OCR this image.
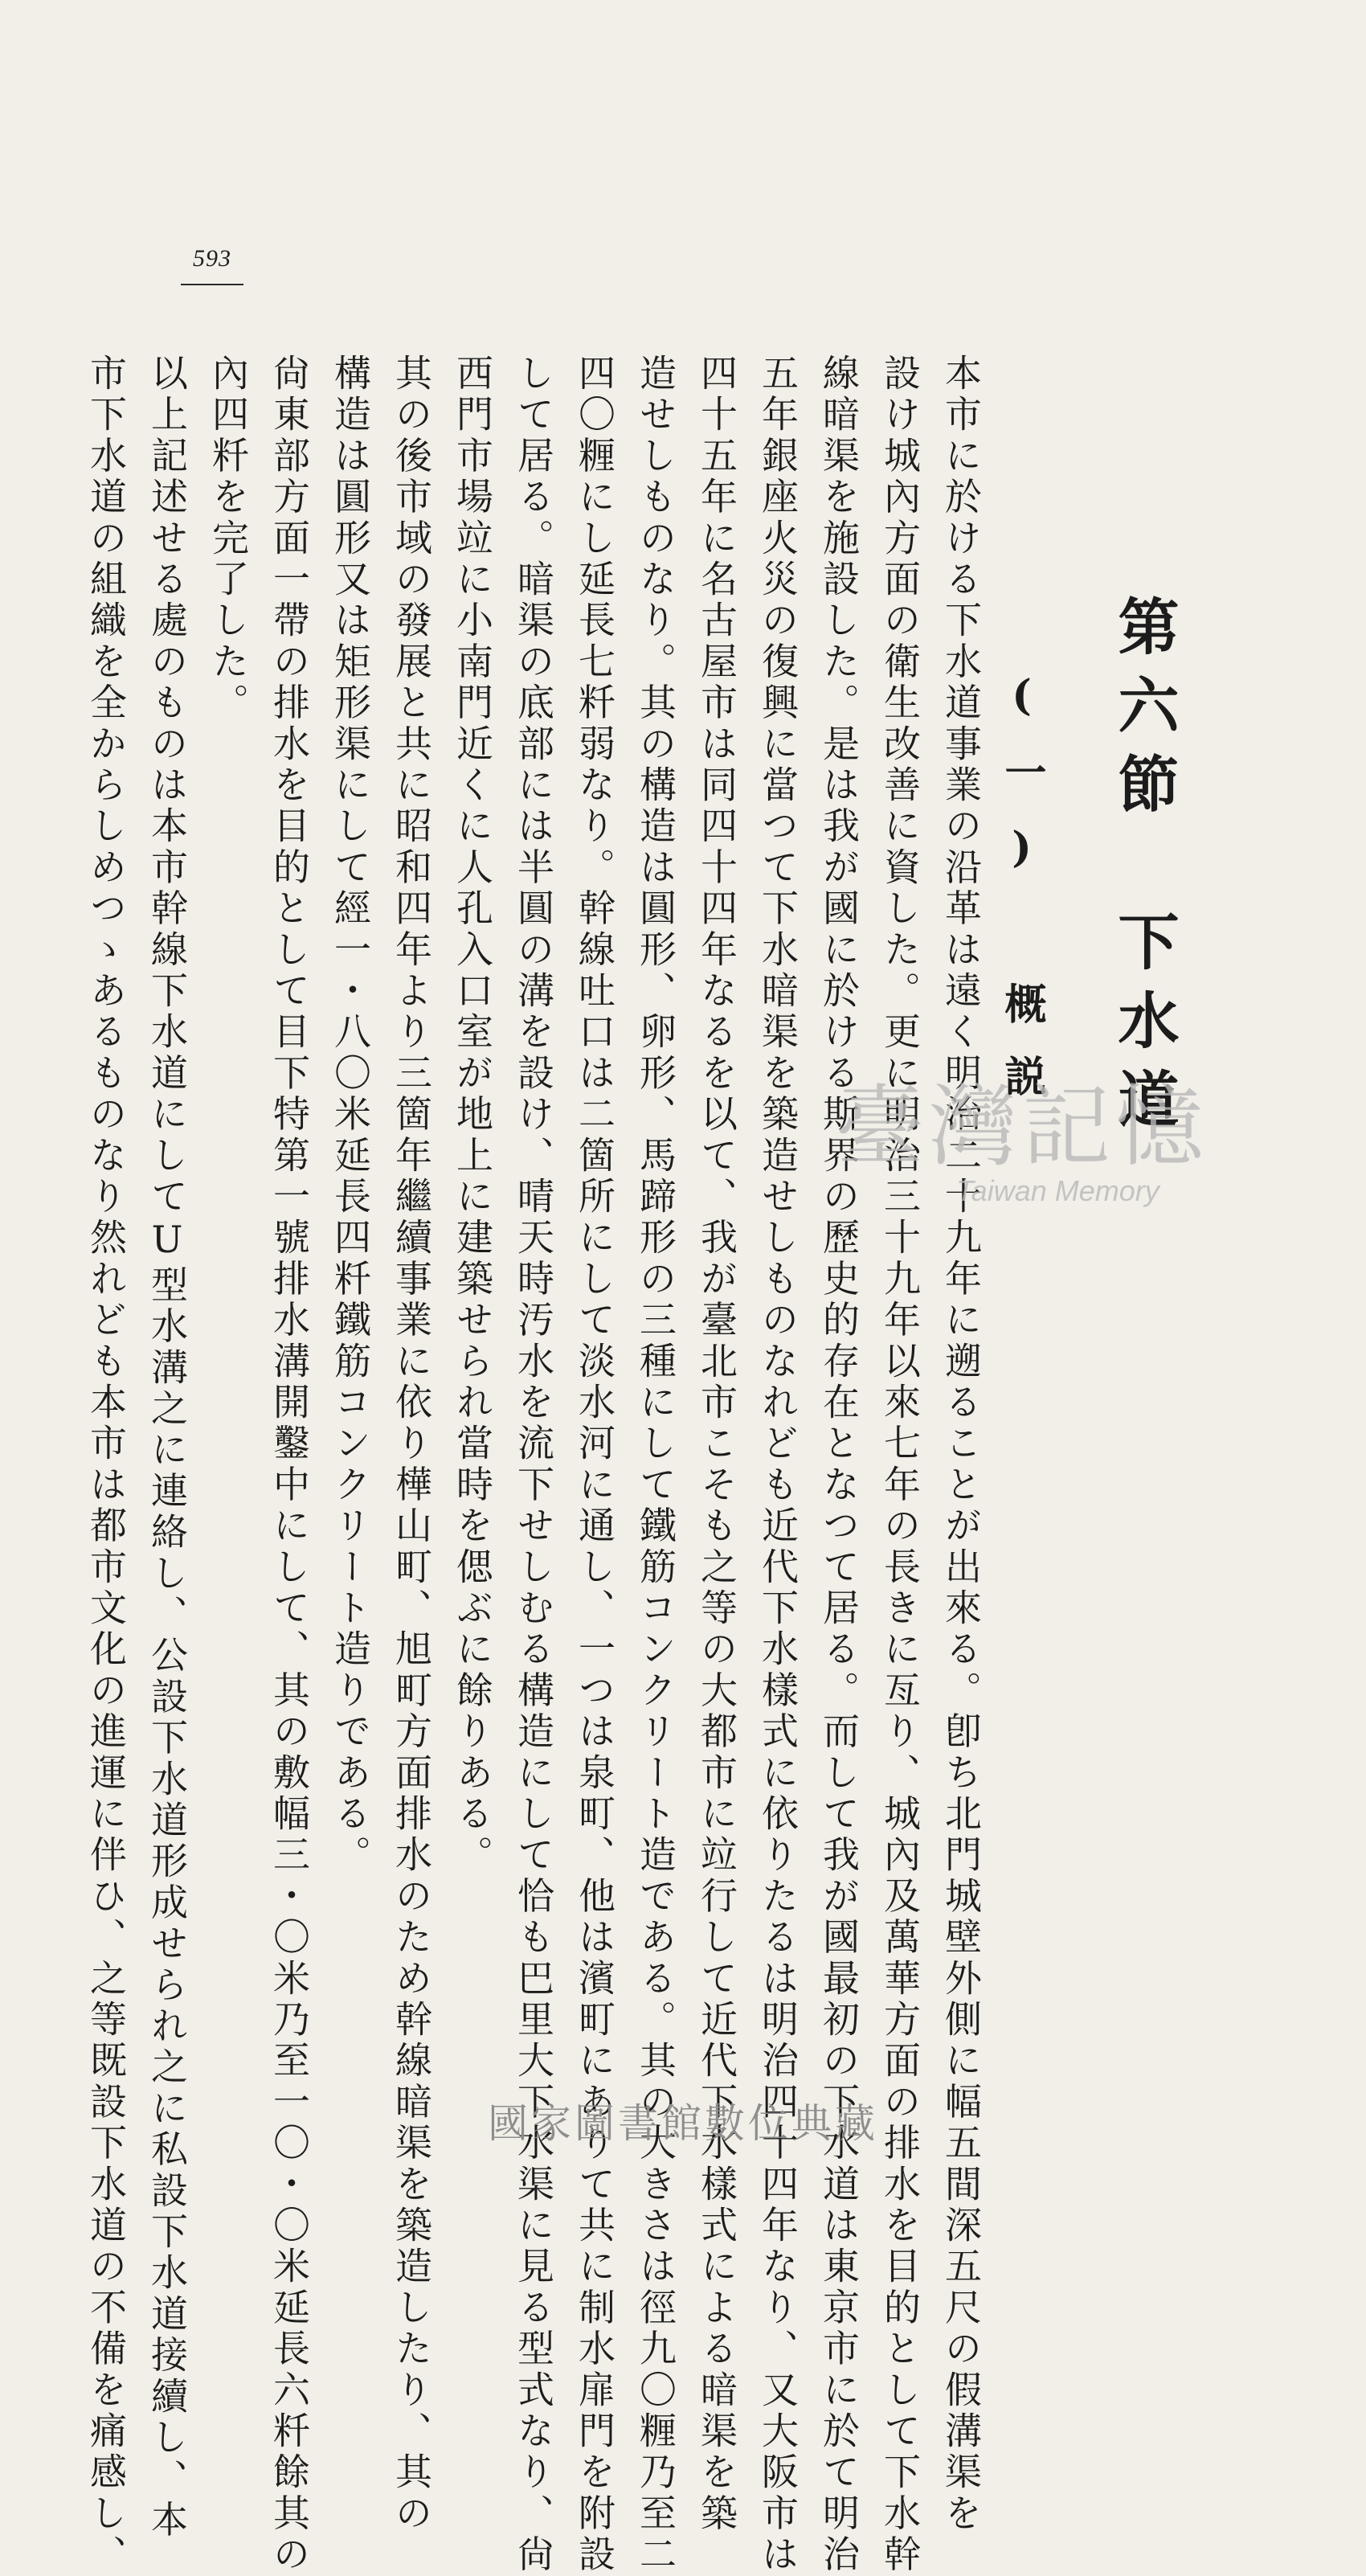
593
第六節　下水道
(一) 概説
本市に於ける下水道事業の沿革は遠く明治二十九年に遡ることが出來る。卽ち北門城壁外側に幅五間深五尺の假溝渠を
設け城內方面の衛生改善に資した。更に明治三十九年以來七年の長きに亙り、城內及萬華方面の排水を目的として下水幹
線暗渠を施設した。是は我が國に於ける斯界の歷史的存在となつて居る。而して我が國最初の下水道は東京市に於て明治
五年銀座火災の復興に當つて下水暗渠を築造せしものなれども近代下水樣式に依りたるは明治四十四年なり、又大阪市は
四十五年に名古屋市は同四十四年なるを以て、我が臺北市こそも之等の大都市に竝行して近代下水樣式による暗渠を築
造せしものなり。其の構造は圓形、卵形、馬蹄形の三種にして鐵筋コンクリート造である。其の大きさは徑九〇糎乃至二
四〇糎にし延長七粁弱なり。幹線吐口は二箇所にして淡水河に通し、一つは泉町、他は濱町にありて共に制水扉門を附設
して居る。暗渠の底部には半圓の溝を設け、晴天時汚水を流下せしむる構造にして恰も巴里大下水渠に見る型式なり、尙
西門市場竝に小南門近くに人孔入口室が地上に建築せられ當時を偲ぶに餘りある。
其の後市域の發展と共に昭和四年より三箇年繼續事業に依り樺山町、旭町方面排水のため幹線暗渠を築造したり、其の
構造は圓形又は矩形渠にして經一・八〇米延長四粁鐵筋コンクリート造りである。
尙東部方面一帶の排水を目的として目下特第一號排水溝開鑿中にして、其の敷幅三・〇米乃至一〇・〇米延長六粁餘其の
內四粁を完了した。
以上記述せる處のものは本市幹線下水道にしてU型水溝之に連絡し、公設下水道形成せられ之に私設下水道接續し、本
市下水道の組織を全からしめつゝあるものなり然れども本市は都市文化の進運に伴ひ、之等既設下水道の不備を痛感し、	臺灣記憶
Taiwan Memory
國家圖書館數位典藏
